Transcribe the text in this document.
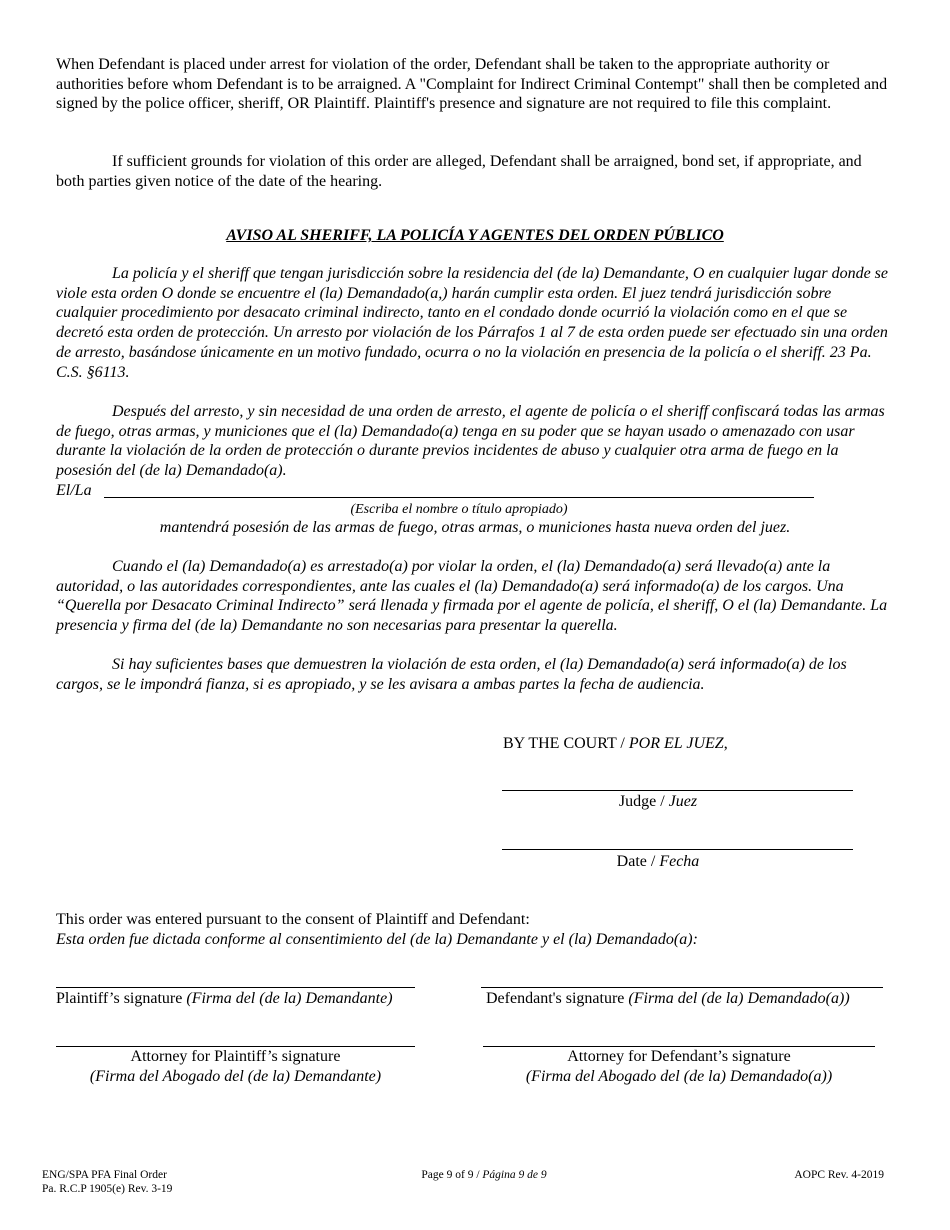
When Defendant is placed under arrest for violation of the order, Defendant shall be taken to the appropriate authority or authorities before whom Defendant is to be arraigned. A "Complaint for Indirect Criminal Contempt" shall then be completed and signed by the police officer, sheriff, OR Plaintiff. Plaintiff's presence and signature are not required to file this complaint.

If sufficient grounds for violation of this order are alleged, Defendant shall be arraigned, bond set, if appropriate, and both parties given notice of the date of the hearing.

AVISO AL SHERIFF, LA POLICÍA Y AGENTES DEL ORDEN PÚBLICO

La policía y el sheriff que tengan jurisdicción sobre la residencia del (de la) Demandante, O en cualquier lugar donde se viole esta orden O donde se encuentre el (la) Demandado(a,) harán cumplir esta orden. El juez tendrá jurisdicción sobre cualquier procedimiento por desacato criminal indirecto, tanto en el condado donde ocurrió la violación como en el que se decretó esta orden de protección. Un arresto por violación de los Párrafos 1 al 7 de esta orden puede ser efectuado sin una orden de arresto, basándose únicamente en un motivo fundado, ocurra o no la violación en presencia de la policía o el sheriff. 23 Pa. C.S. §6113.

Después del arresto, y sin necesidad de una orden de arresto, el agente de policía o el sheriff confiscará todas las armas de fuego, otras armas, y municiones que el (la) Demandado(a) tenga en su poder que se hayan usado o amenazado con usar durante la violación de la orden de protección o durante previos incidentes de abuso y cualquier otra arma de fuego en la posesión del (de la) Demandado(a).

El/La
(Escriba el nombre o título apropiado)
mantendrá posesión de las armas de fuego, otras armas, o municiones hasta nueva orden del juez.

Cuando el (la) Demandado(a) es arrestado(a) por violar la orden, el (la) Demandado(a) será llevado(a) ante la autoridad, o las autoridades correspondientes, ante las cuales el (la) Demandado(a) será informado(a) de los cargos. Una “Querella por Desacato Criminal Indirecto” será llenada y firmada por el agente de policía, el sheriff, O el (la) Demandante. La presencia y firma del (de la) Demandante no son necesarias para presentar la querella.

Si hay suficientes bases que demuestren la violación de esta orden, el (la) Demandado(a) será informado(a) de los cargos, se le impondrá fianza, si es apropiado, y se les avisara a ambas partes la fecha de audiencia.

BY THE COURT / POR EL JUEZ,
Judge / Juez
Date / Fecha
This order was entered pursuant to the consent of Plaintiff and Defendant:
Esta orden fue dictada conforme al consentimiento del (de la) Demandante y el (la) Demandado(a):
Plaintiff’s signature (Firma del (de la) Demandante)	Defendant's signature (Firma del (de la) Demandado(a))
Attorney for Plaintiff’s signature
(Firma del Abogado del (de la) Demandante)
Attorney for Defendant’s signature
(Firma del Abogado del (de la) Demandado(a))
ENG/SPA PFA Final Order
Pa. R.C.P 1905(e) Rev. 3-19
Page 9 of 9 / Página 9 de 9	AOPC Rev. 4-2019
